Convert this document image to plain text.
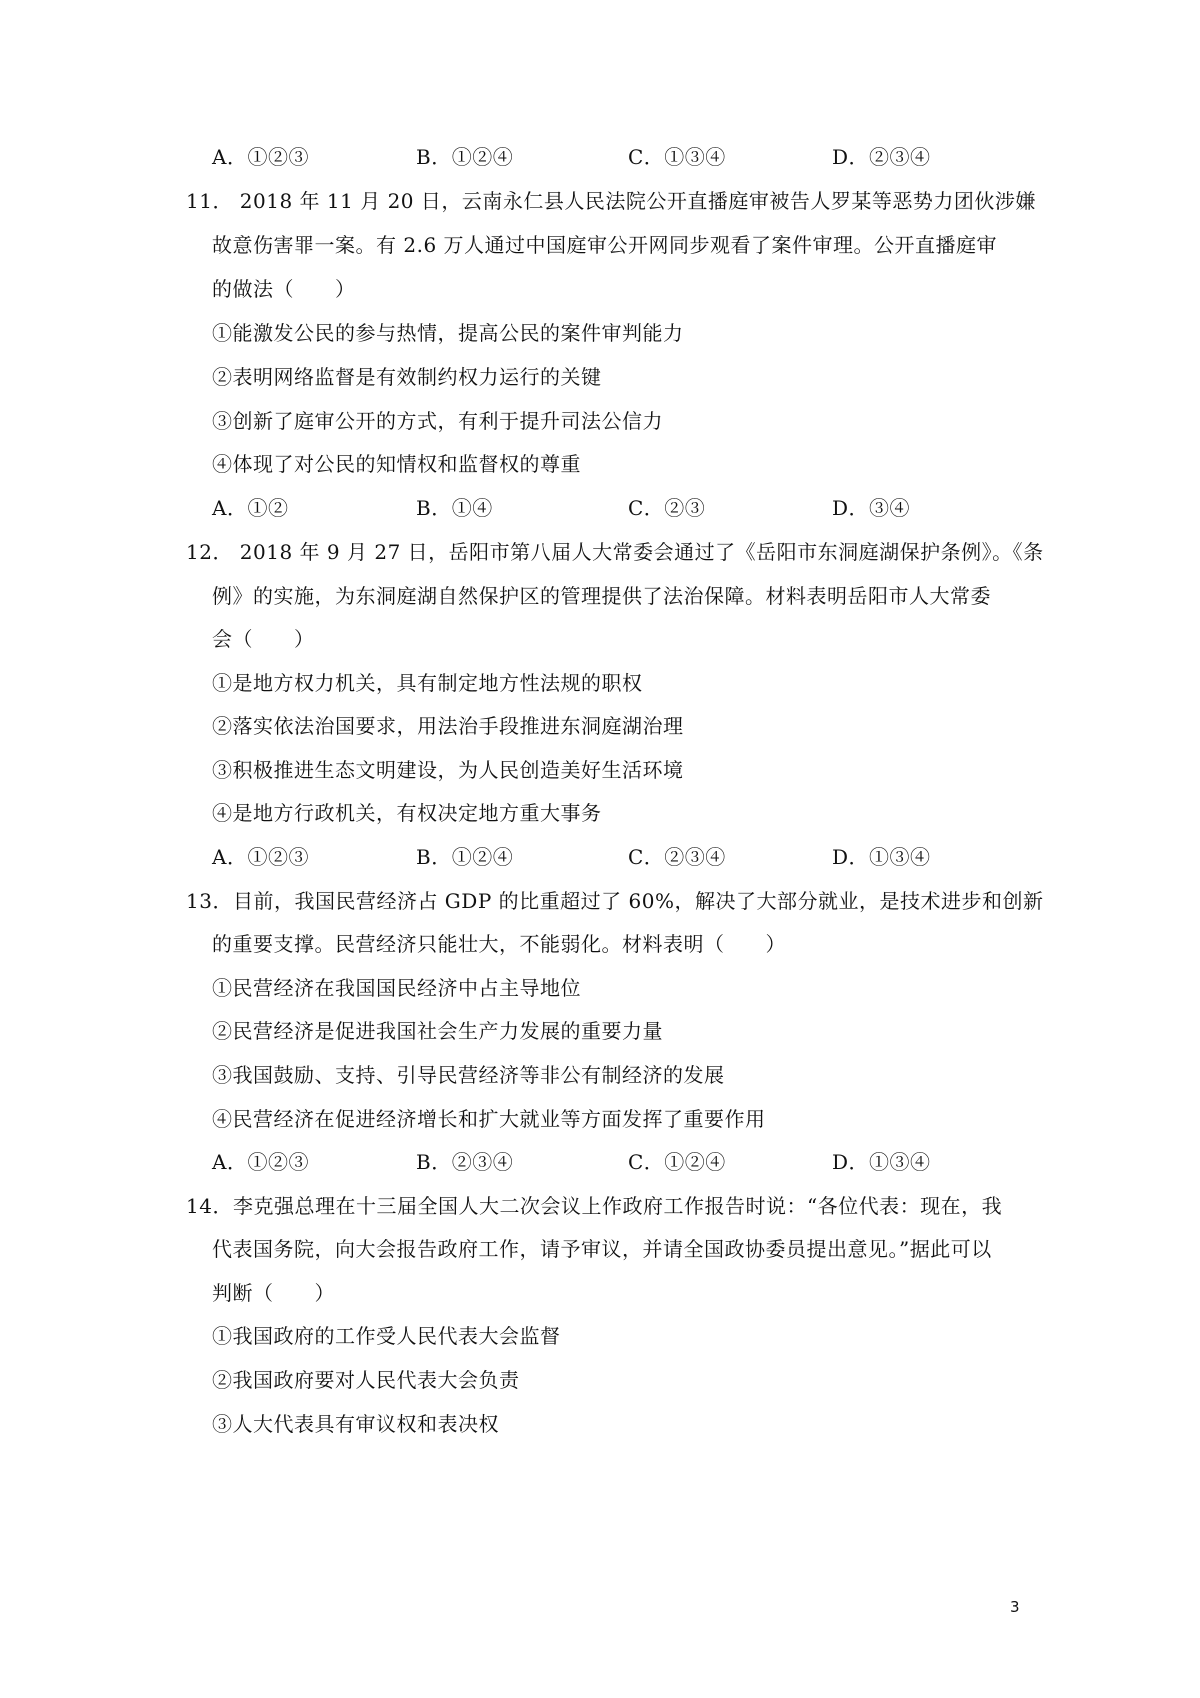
A．①②③	B．①②④	C．①③④	D．②③④
11． 2018 年 11 月 20 日，云南永仁县人民法院公开直播庭审被告人罗某等恶势力团伙涉嫌
故意伤害罪一案。有 2.6 万人通过中国庭审公开网同步观看了案件审理。公开直播庭审
的做法（　　）
①能激发公民的参与热情，提高公民的案件审判能力
②表明网络监督是有效制约权力运行的关键
③创新了庭审公开的方式，有利于提升司法公信力
④体现了对公民的知情权和监督权的尊重
A．①②	B．①④	C．②③	D．③④
12． 2018 年 9 月 27 日，岳阳市第八届人大常委会通过了《岳阳市东洞庭湖保护条例》。《条
例》的实施，为东洞庭湖自然保护区的管理提供了法治保障。材料表明岳阳市人大常委
会（　　）
①是地方权力机关，具有制定地方性法规的职权
②落实依法治国要求，用法治手段推进东洞庭湖治理
③积极推进生态文明建设，为人民创造美好生活环境
④是地方行政机关，有权决定地方重大事务
A．①②③	B．①②④	C．②③④	D．①③④
13．目前，我国民营经济占 GDP 的比重超过了 60%，解决了大部分就业，是技术进步和创新
的重要支撑。民营经济只能壮大，不能弱化。材料表明（　　）
①民营经济在我国国民经济中占主导地位
②民营经济是促进我国社会生产力发展的重要力量
③我国鼓励、支持、引导民营经济等非公有制经济的发展
④民营经济在促进经济增长和扩大就业等方面发挥了重要作用
A．①②③	B．②③④	C．①②④	D．①③④
14．李克强总理在十三届全国人大二次会议上作政府工作报告时说：“各位代表：现在，我
代表国务院，向大会报告政府工作，请予审议，并请全国政协委员提出意见。”据此可以
判断（　　）
①我国政府的工作受人民代表大会监督
②我国政府要对人民代表大会负责
③人大代表具有审议权和表决权
3
